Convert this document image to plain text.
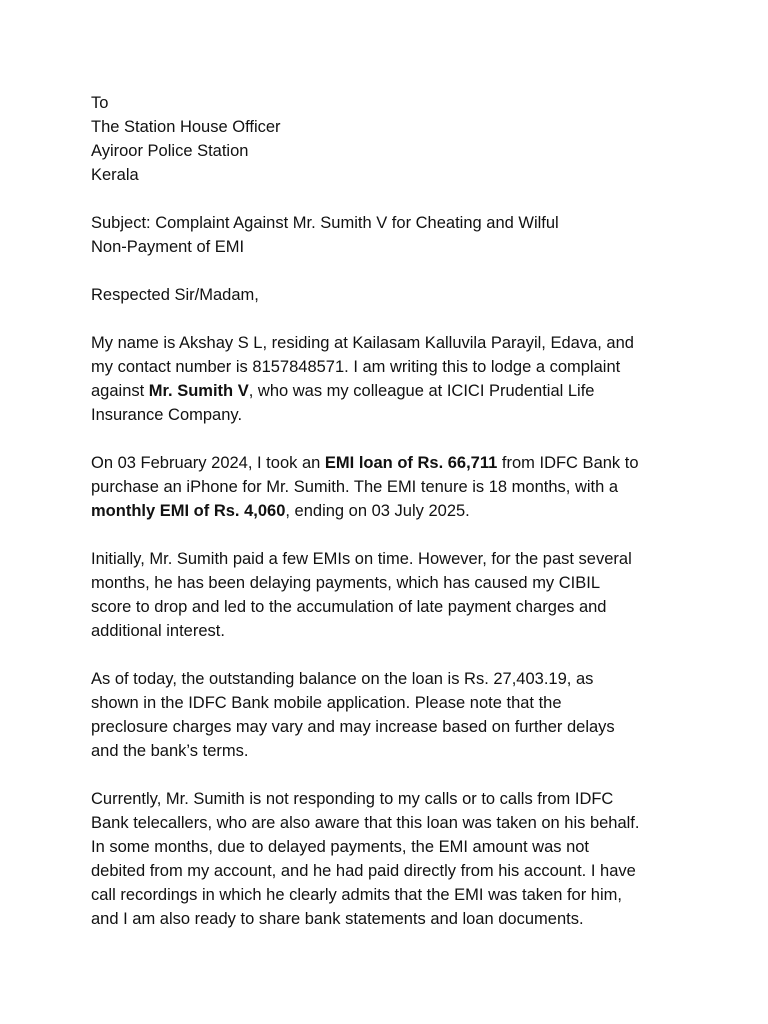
To
The Station House Officer
Ayiroor Police Station
Kerala
Subject: Complaint Against Mr. Sumith V for Cheating and Wilful
Non-Payment of EMI
Respected Sir/Madam,
My name is Akshay S L, residing at Kailasam Kalluvila Parayil, Edava, and
my contact number is 8157848571. I am writing this to lodge a complaint
against Mr. Sumith V, who was my colleague at ICICI Prudential Life
Insurance Company.
On 03 February 2024, I took an EMI loan of Rs. 66,711 from IDFC Bank to
purchase an iPhone for Mr. Sumith. The EMI tenure is 18 months, with a
monthly EMI of Rs. 4,060, ending on 03 July 2025.
Initially, Mr. Sumith paid a few EMIs on time. However, for the past several
months, he has been delaying payments, which has caused my CIBIL
score to drop and led to the accumulation of late payment charges and
additional interest.
As of today, the outstanding balance on the loan is Rs. 27,403.19, as
shown in the IDFC Bank mobile application. Please note that the
preclosure charges may vary and may increase based on further delays
and the bank’s terms.
Currently, Mr. Sumith is not responding to my calls or to calls from IDFC
Bank telecallers, who are also aware that this loan was taken on his behalf.
In some months, due to delayed payments, the EMI amount was not
debited from my account, and he had paid directly from his account. I have
call recordings in which he clearly admits that the EMI was taken for him,
and I am also ready to share bank statements and loan documents.
